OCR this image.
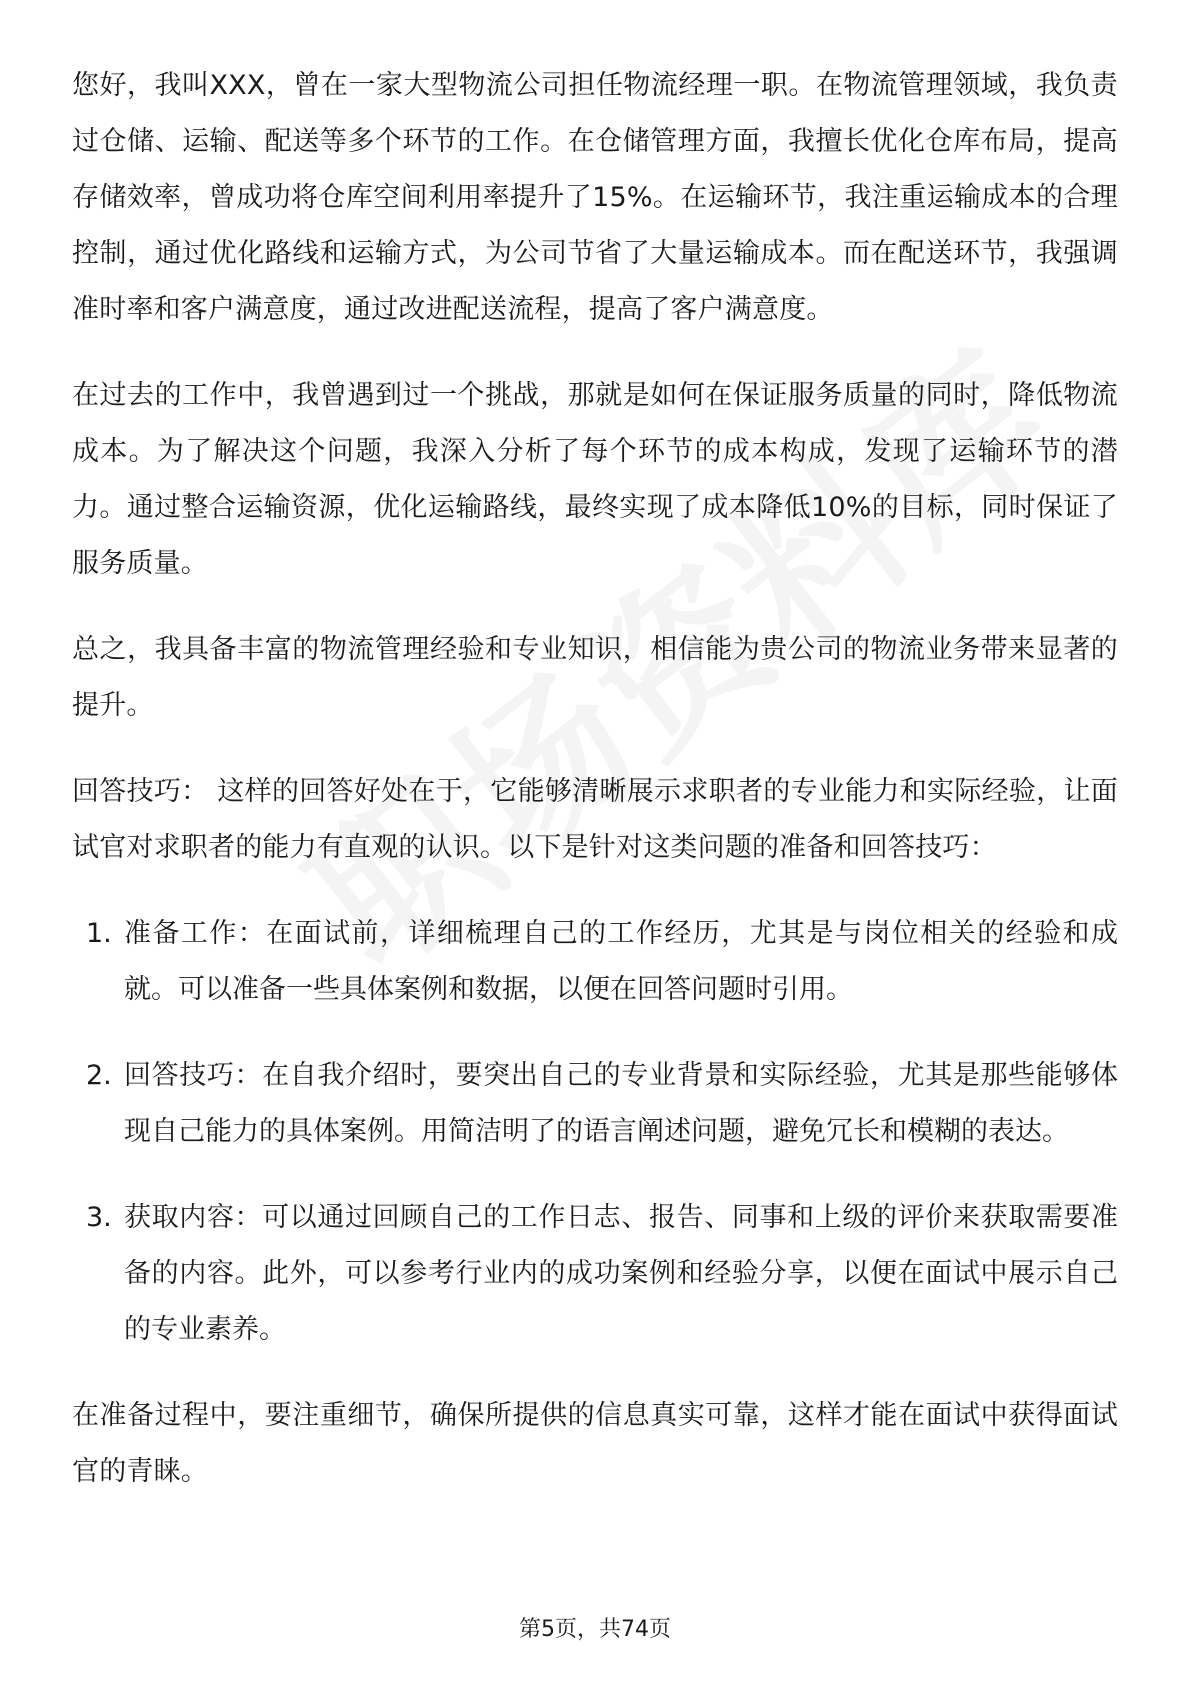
您好，我叫XXX，曾在一家大型物流公司担任物流经理一职。在物流管理领域，我负责过仓储、运输、配送等多个环节的工作。在仓储管理方面，我擅长优化仓库布局，提高存储效率，曾成功将仓库空间利用率提升了15%。在运输环节，我注重运输成本的合理控制，通过优化路线和运输方式，为公司节省了大量运输成本。而在配送环节，我强调准时率和客户满意度，通过改进配送流程，提高了客户满意度。

在过去的工作中，我曾遇到过一个挑战，那就是如何在保证服务质量的同时，降低物流成本。为了解决这个问题，我深入分析了每个环节的成本构成，发现了运输环节的潜力。通过整合运输资源，优化运输路线，最终实现了成本降低10%的目标，同时保证了服务质量。

总之，我具备丰富的物流管理经验和专业知识，相信能为贵公司的物流业务带来显著的提升。

回答技巧： 这样的回答好处在于，它能够清晰展示求职者的专业能力和实际经验，让面试官对求职者的能力有直观的认识。以下是针对这类问题的准备和回答技巧：

1. 准备工作：在面试前，详细梳理自己的工作经历，尤其是与岗位相关的经验和成就。可以准备一些具体案例和数据，以便在回答问题时引用。
2. 回答技巧：在自我介绍时，要突出自己的专业背景和实际经验，尤其是那些能够体现自己能力的具体案例。用简洁明了的语言阐述问题，避免冗长和模糊的表达。
3. 获取内容：可以通过回顾自己的工作日志、报告、同事和上级的评价来获取需要准备的内容。此外，可以参考行业内的成功案例和经验分享，以便在面试中展示自己的专业素养。

在准备过程中，要注重细节，确保所提供的信息真实可靠，这样才能在面试中获得面试官的青睐。

第5页，共74页
